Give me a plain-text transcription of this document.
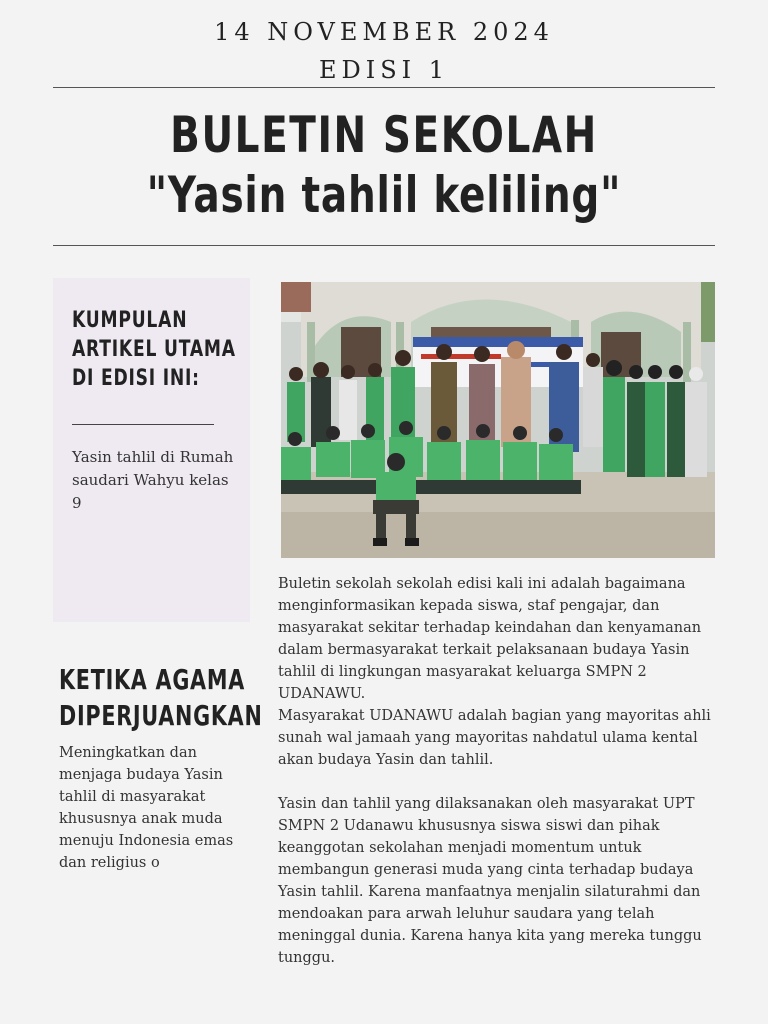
14 NOVEMBER 2024
EDISI 1
BULETIN SEKOLAH
"Yasin tahlil keliling"
KUMPULAN
ARTIKEL UTAMA
DI EDISI INI:
Yasin tahlil di Rumah saudari Wahyu kelas 9
KETIKA AGAMA
DIPERJUANGKAN
Meningkatkan dan menjaga budaya Yasin tahlil di masyarakat khususnya anak muda menuju Indonesia emas dan religius o

Buletin sekolah sekolah edisi kali ini adalah bagaimana menginformasikan kepada siswa, staf pengajar, dan masyarakat sekitar terhadap keindahan dan kenyamanan dalam bermasyarakat terkait pelaksanaan budaya Yasin tahlil di lingkungan masyarakat keluarga SMPN 2 UDANAWU.

Masyarakat UDANAWU adalah bagian yang mayoritas ahli sunah wal jamaah yang mayoritas nahdatul ulama kental akan budaya Yasin dan tahlil.

Yasin dan tahlil yang dilaksanakan oleh masyarakat UPT SMPN 2 Udanawu khususnya siswa siswi dan pihak keanggotan sekolahan menjadi momentum untuk membangun generasi muda yang cinta terhadap budaya Yasin tahlil. Karena manfaatnya menjalin silaturahmi dan mendoakan para arwah leluhur saudara yang telah meninggal dunia. Karena hanya kita yang mereka tunggu tunggu.
